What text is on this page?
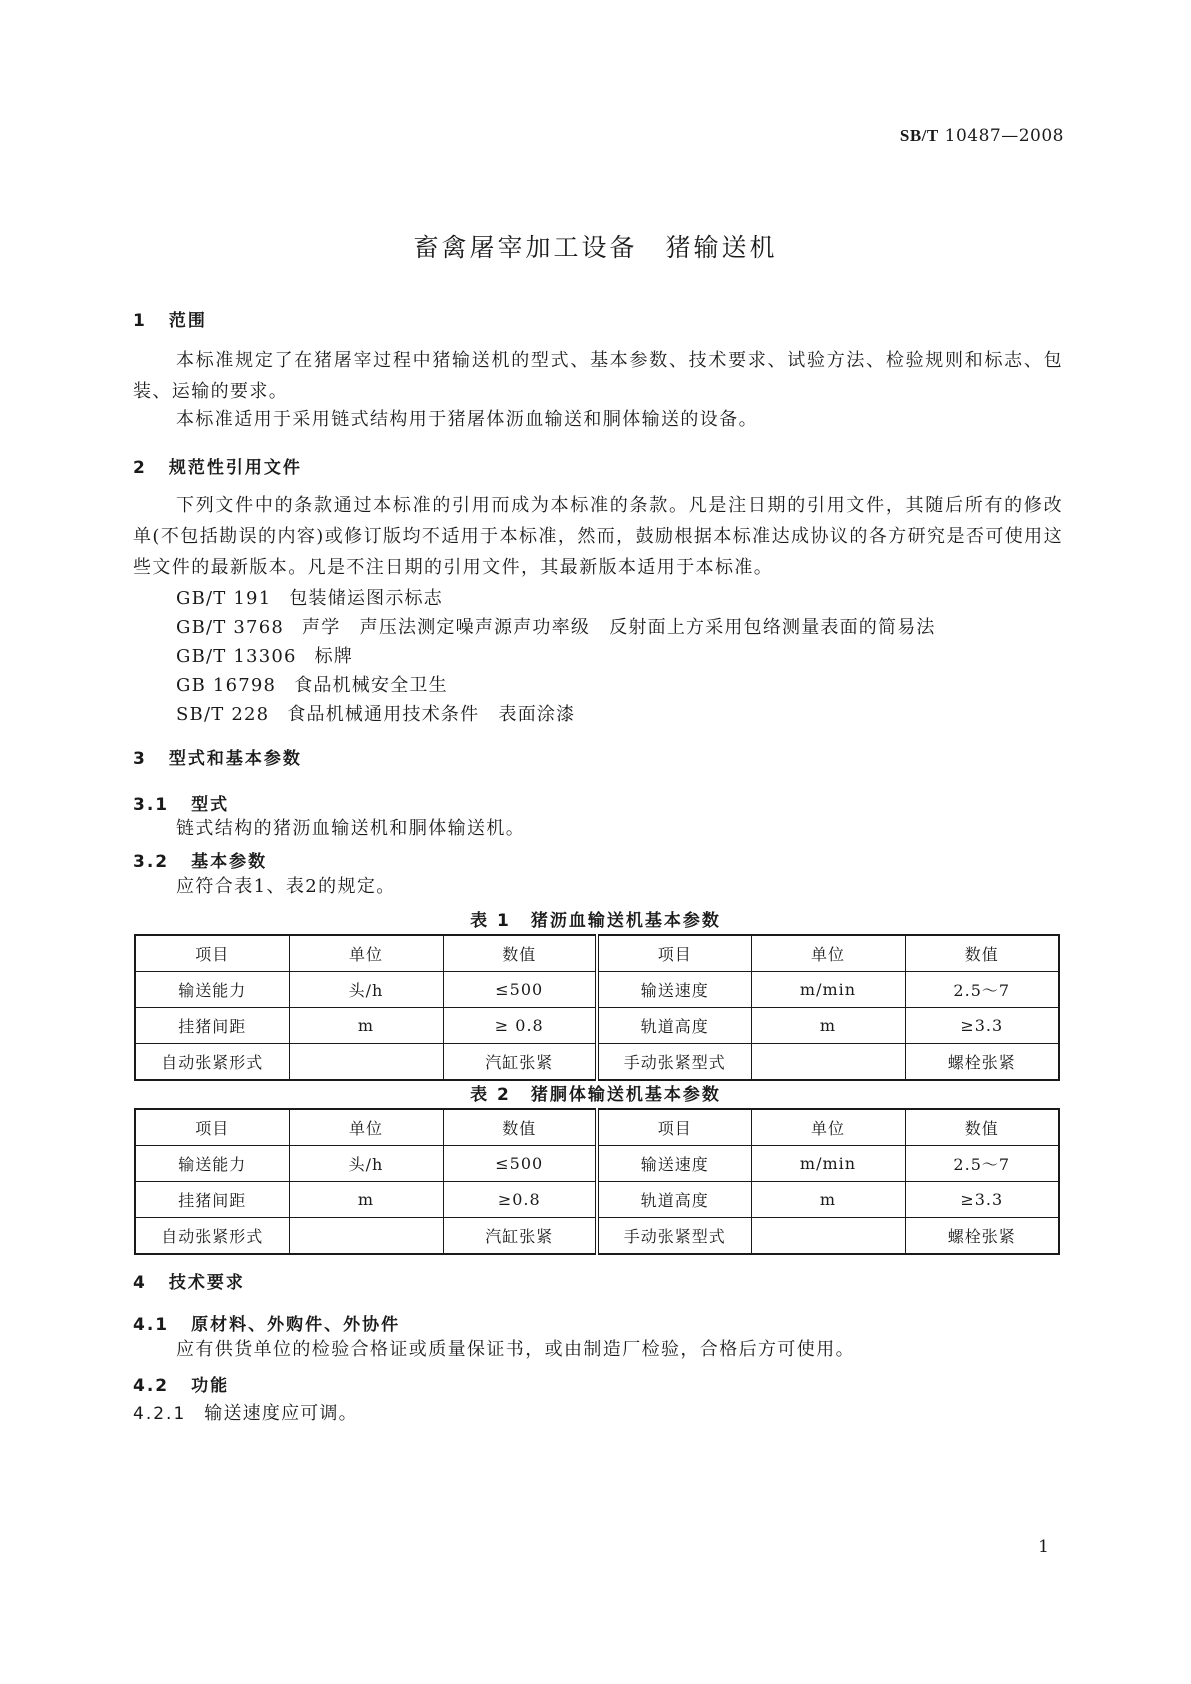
SB/T 10487—2008
畜禽屠宰加工设备 猪输送机
1 范围
本标准规定了在猪屠宰过程中猪输送机的型式、基本参数、技术要求、试验方法、检验规则和标志、包装、运输的要求。
本标准适用于采用链式结构用于猪屠体沥血输送和胴体输送的设备。
2 规范性引用文件
下列文件中的条款通过本标准的引用而成为本标准的条款。凡是注日期的引用文件，其随后所有的修改单(不包括勘误的内容)或修订版均不适用于本标准，然而，鼓励根据本标准达成协议的各方研究是否可使用这些文件的最新版本。凡是不注日期的引用文件，其最新版本适用于本标准。
GB/T 191 包装储运图示标志
GB/T 3768 声学　声压法测定噪声源声功率级　反射面上方采用包络测量表面的简易法
GB/T 13306 标牌
GB 16798 食品机械安全卫生
SB/T 228 食品机械通用技术条件　表面涂漆
3 型式和基本参数
3.1 型式
链式结构的猪沥血输送机和胴体输送机。
3.2 基本参数
应符合表1、表2的规定。
表 1 猪沥血输送机基本参数
项目	单位	数值	项目	单位	数值
输送能力	头/h	≤500	输送速度	m/min	2.5～7
挂猪间距	m	≥ 0.8	轨道高度	m	≥3.3
自动张紧形式		汽缸张紧	手动张紧型式		螺栓张紧
表 2 猪胴体输送机基本参数
项目	单位	数值	项目	单位	数值
输送能力	头/h	≤500	输送速度	m/min	2.5～7
挂猪间距	m	≥0.8	轨道高度	m	≥3.3
自动张紧形式		汽缸张紧	手动张紧型式		螺栓张紧
4 技术要求
4.1 原材料、外购件、外协件
应有供货单位的检验合格证或质量保证书，或由制造厂检验，合格后方可使用。
4.2 功能
4.2.1 输送速度应可调。
1
